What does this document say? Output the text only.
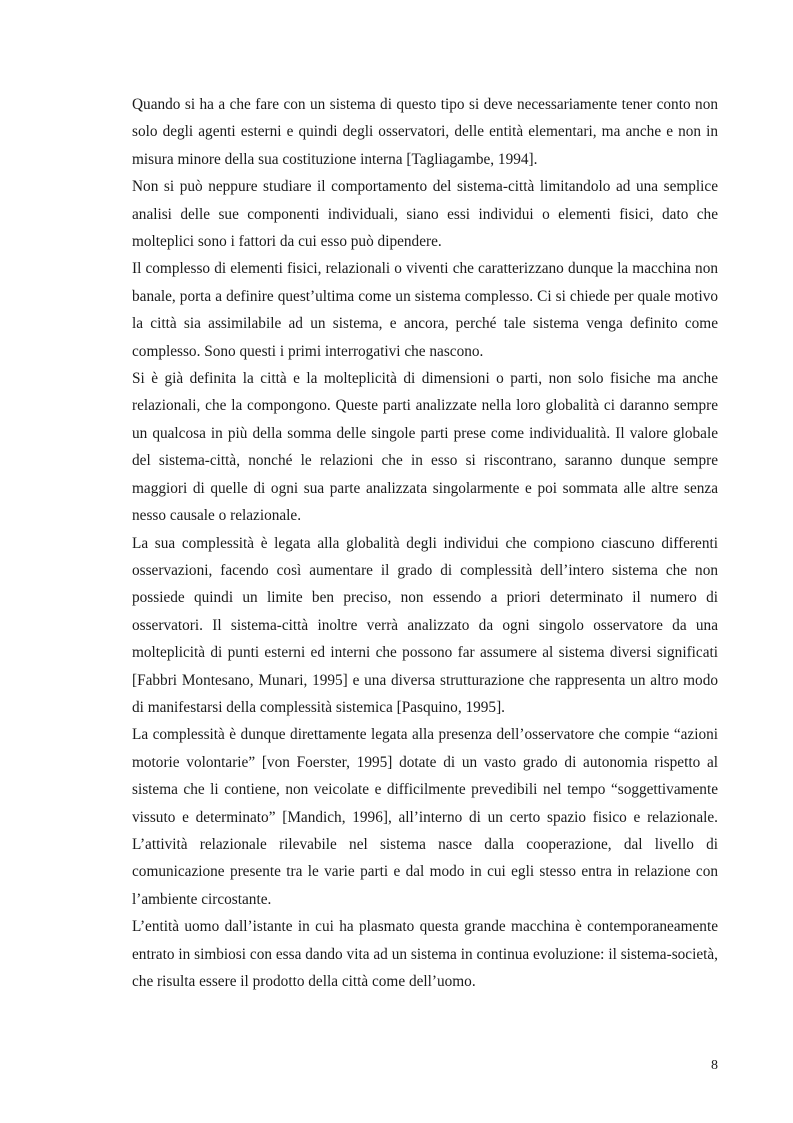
Quando si ha a che fare con un sistema di questo tipo si deve necessariamente tener conto non solo degli agenti esterni e quindi degli osservatori, delle entità elementari, ma anche e non in misura minore della sua costituzione interna [Tagliagambe, 1994].

Non si può neppure studiare il comportamento del sistema-città limitandolo ad una semplice analisi delle sue componenti individuali, siano essi individui o elementi fisici, dato che molteplici sono i fattori da cui esso può dipendere.

Il complesso di elementi fisici, relazionali o viventi che caratterizzano dunque la macchina non banale, porta a definire quest’ultima come un sistema complesso. Ci si chiede per quale motivo la città sia assimilabile ad un sistema, e ancora, perché tale sistema venga definito come complesso. Sono questi i primi interrogativi che nascono.

Si è già definita la città e la molteplicità di dimensioni o parti, non solo fisiche ma anche relazionali, che la compongono. Queste parti analizzate nella loro globalità ci daranno sempre un qualcosa in più della somma delle singole parti prese come individualità. Il valore globale del sistema-città, nonché le relazioni che in esso si riscontrano, saranno dunque sempre maggiori di quelle di ogni sua parte analizzata singolarmente e poi sommata alle altre senza nesso causale o relazionale.

La sua complessità è legata alla globalità degli individui che compiono ciascuno differenti osservazioni, facendo così aumentare il grado di complessità dell’intero sistema che non possiede quindi un limite ben preciso, non essendo a priori determinato il numero di osservatori. Il sistema-città inoltre verrà analizzato da ogni singolo osservatore da una molteplicità di punti esterni ed interni che possono far assumere al sistema diversi significati [Fabbri Montesano, Munari, 1995] e una diversa strutturazione che rappresenta un altro modo di manifestarsi della complessità sistemica [Pasquino, 1995].

La complessità è dunque direttamente legata alla presenza dell’osservatore che compie “azioni motorie volontarie” [von Foerster, 1995] dotate di un vasto grado di autonomia rispetto al sistema che li contiene, non veicolate e difficilmente prevedibili nel tempo “soggettivamente vissuto e determinato” [Mandich, 1996], all’interno di un certo spazio fisico e relazionale. L’attività relazionale rilevabile nel sistema nasce dalla cooperazione, dal livello di comunicazione presente tra le varie parti e dal modo in cui egli stesso entra in relazione con l’ambiente circostante.

L’entità uomo dall’istante in cui ha plasmato questa grande macchina è contemporaneamente entrato in simbiosi con essa dando vita ad un sistema in continua evoluzione: il sistema-società, che risulta essere il prodotto della città come dell’uomo.

8
